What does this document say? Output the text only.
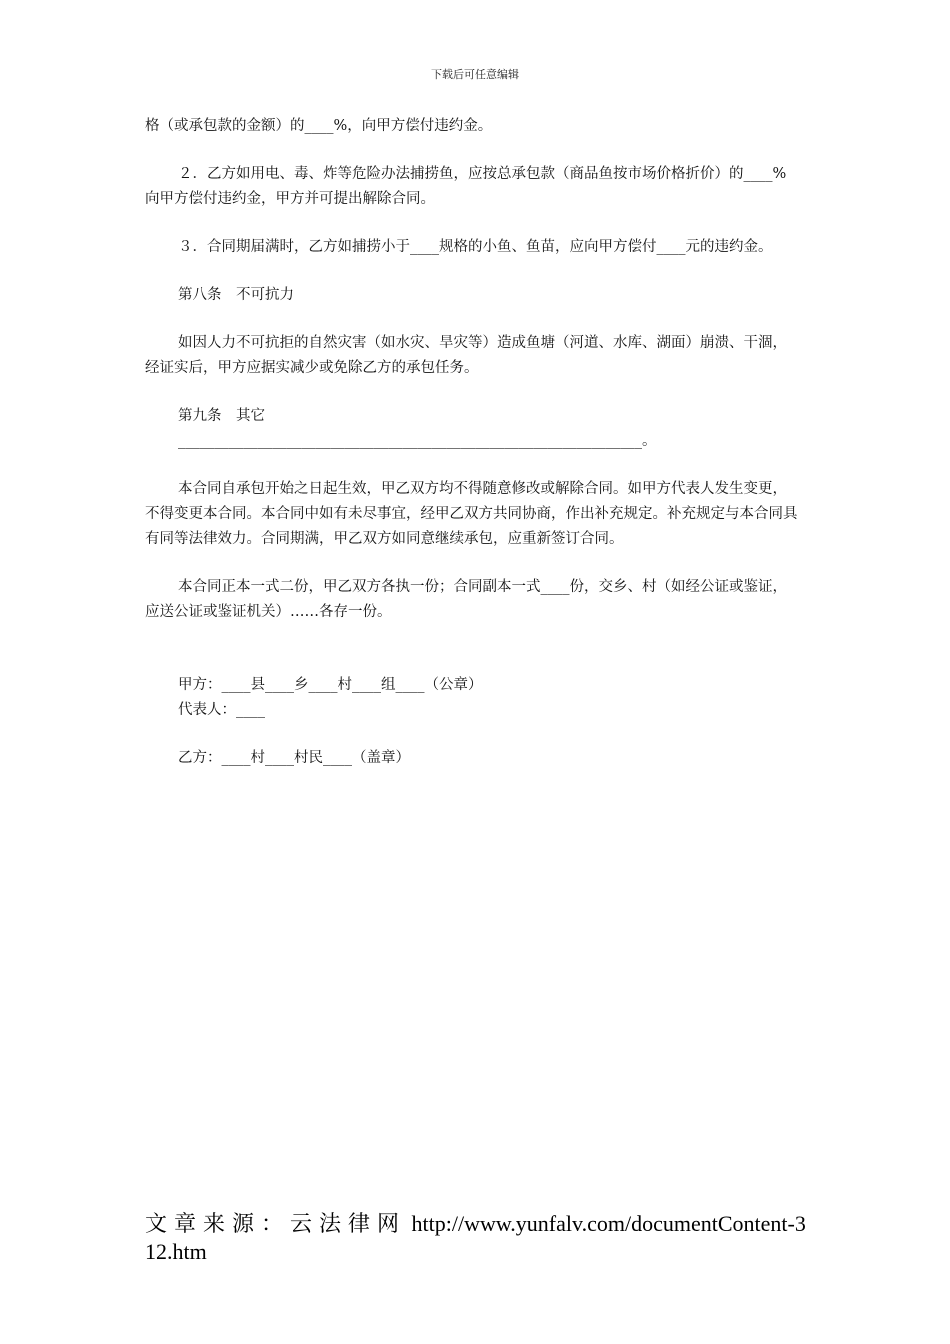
下载后可任意编辑

格（或承包款的金额）的____%，向甲方偿付违约金。

２．乙方如用电、毒、炸等危险办法捕捞鱼，应按总承包款（商品鱼按市场价格折价）的____%向甲方偿付违约金，甲方并可提出解除合同。

３．合同期届满时，乙方如捕捞小于____规格的小鱼、鱼苗，应向甲方偿付____元的违约金。

第八条　不可抗力

如因人力不可抗拒的自然灾害（如水灾、旱灾等）造成鱼塘（河道、水库、湖面）崩溃、干涸，经证实后，甲方应据实减少或免除乙方的承包任务。

第九条　其它

________________________________________________________________。

本合同自承包开始之日起生效，甲乙双方均不得随意修改或解除合同。如甲方代表人发生变更，不得变更本合同。本合同中如有未尽事宜，经甲乙双方共同协商，作出补充规定。补充规定与本合同具有同等法律效力。合同期满，甲乙双方如同意继续承包，应重新签订合同。

本合同正本一式二份，甲乙双方各执一份；合同副本一式____份，交乡、村（如经公证或鉴证，应送公证或鉴证机关）……各存一份。

甲方：____县____乡____村____组____（公章）

代表人：____

乙方：____村____村民____（盖章）

文章来源：云法律网 http://www.yunfalv.com/documentContent-312.htm
